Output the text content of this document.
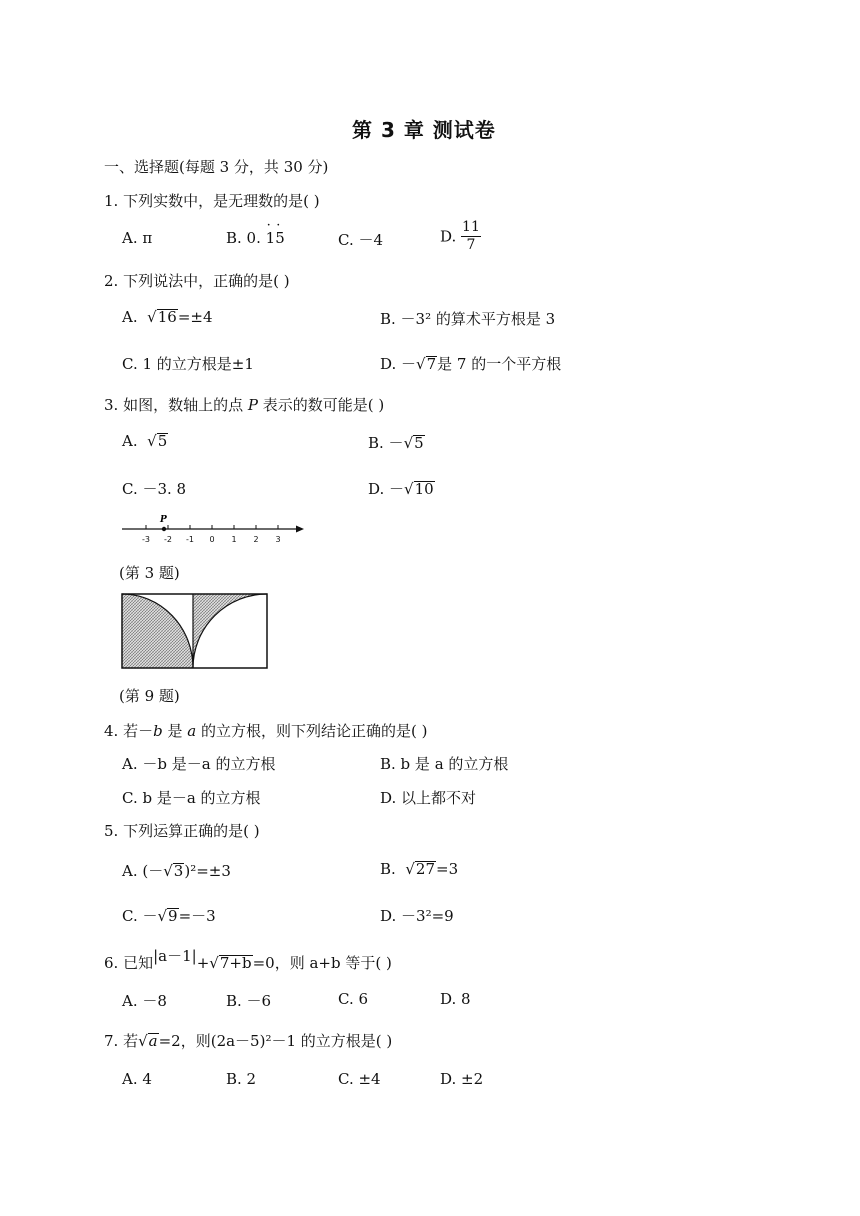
第 3 章 测试卷
一、选择题(每题 3 分，共 30 分)
1. 下列实数中，是无理数的是( )
A. π	B. 0. · 1· 5	C. －4	D. $\frac{11}{7}$
2. 下列说法中，正确的是( )
A. √16=±4	B. －3² 的算术平方根是 3
C. 1 的立方根是±1	D. －√7是 7 的一个平方根
3. 如图，数轴上的点 P 表示的数可能是( )
A. √5	B. －√5
C. －3. 8	D. －√10
P
-3 -2 -1 0 1 2 3
(第 3 题)
(第 9 题)
4. 若－b 是 a 的立方根，则下列结论正确的是( )
A. －b 是－a 的立方根	B. b 是 a 的立方根
C. b 是－a 的立方根	D. 以上都不对
5. 下列运算正确的是( )
A. (－√3)²=±3	B. √27=3
C. －√9=－3	D. －3²=9
6. 已知|a－1|+√7+b=0，则 a+b 等于( )
A. －8	B. －6	C. 6	D. 8
7. 若√a=2，则(2a－5)²－1 的立方根是( )
A. 4	B. 2	C. ±4	D. ±2
